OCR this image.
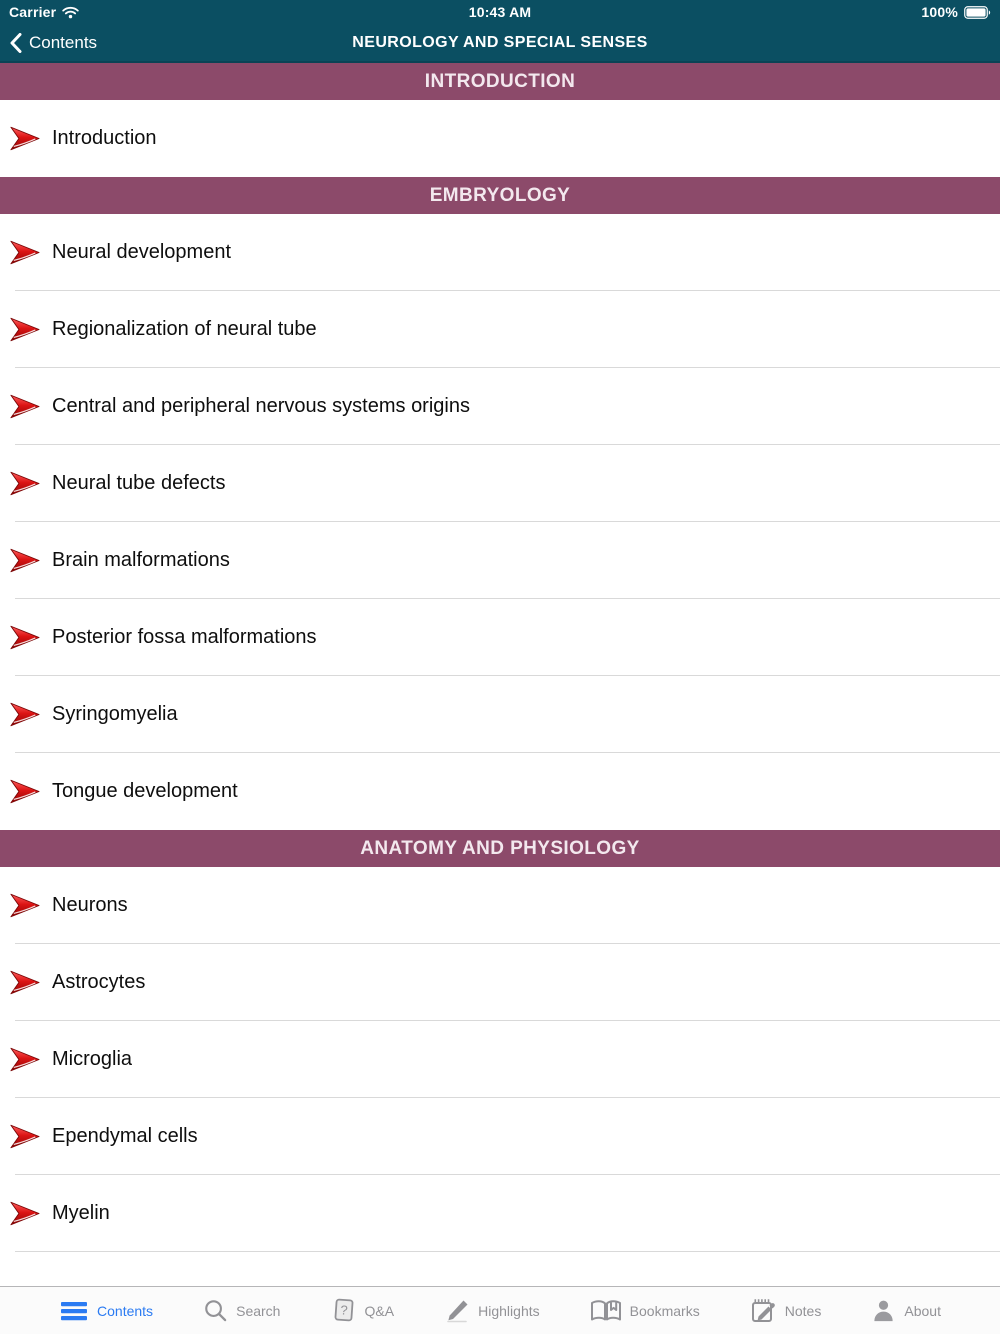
Carrier	10:43 AM	100%
Contents	NEUROLOGY AND SPECIAL SENSES
INTRODUCTION
Introduction
EMBRYOLOGY
Neural development
Regionalization of neural tube
Central and peripheral nervous systems origins
Neural tube defects
Brain malformations
Posterior fossa malformations
Syringomyelia
Tongue development
ANATOMY AND PHYSIOLOGY
Neurons
Astrocytes
Microglia
Ependymal cells
Myelin
Contents	Search	? Q&A	Highlights	Bookmarks	Notes	About
